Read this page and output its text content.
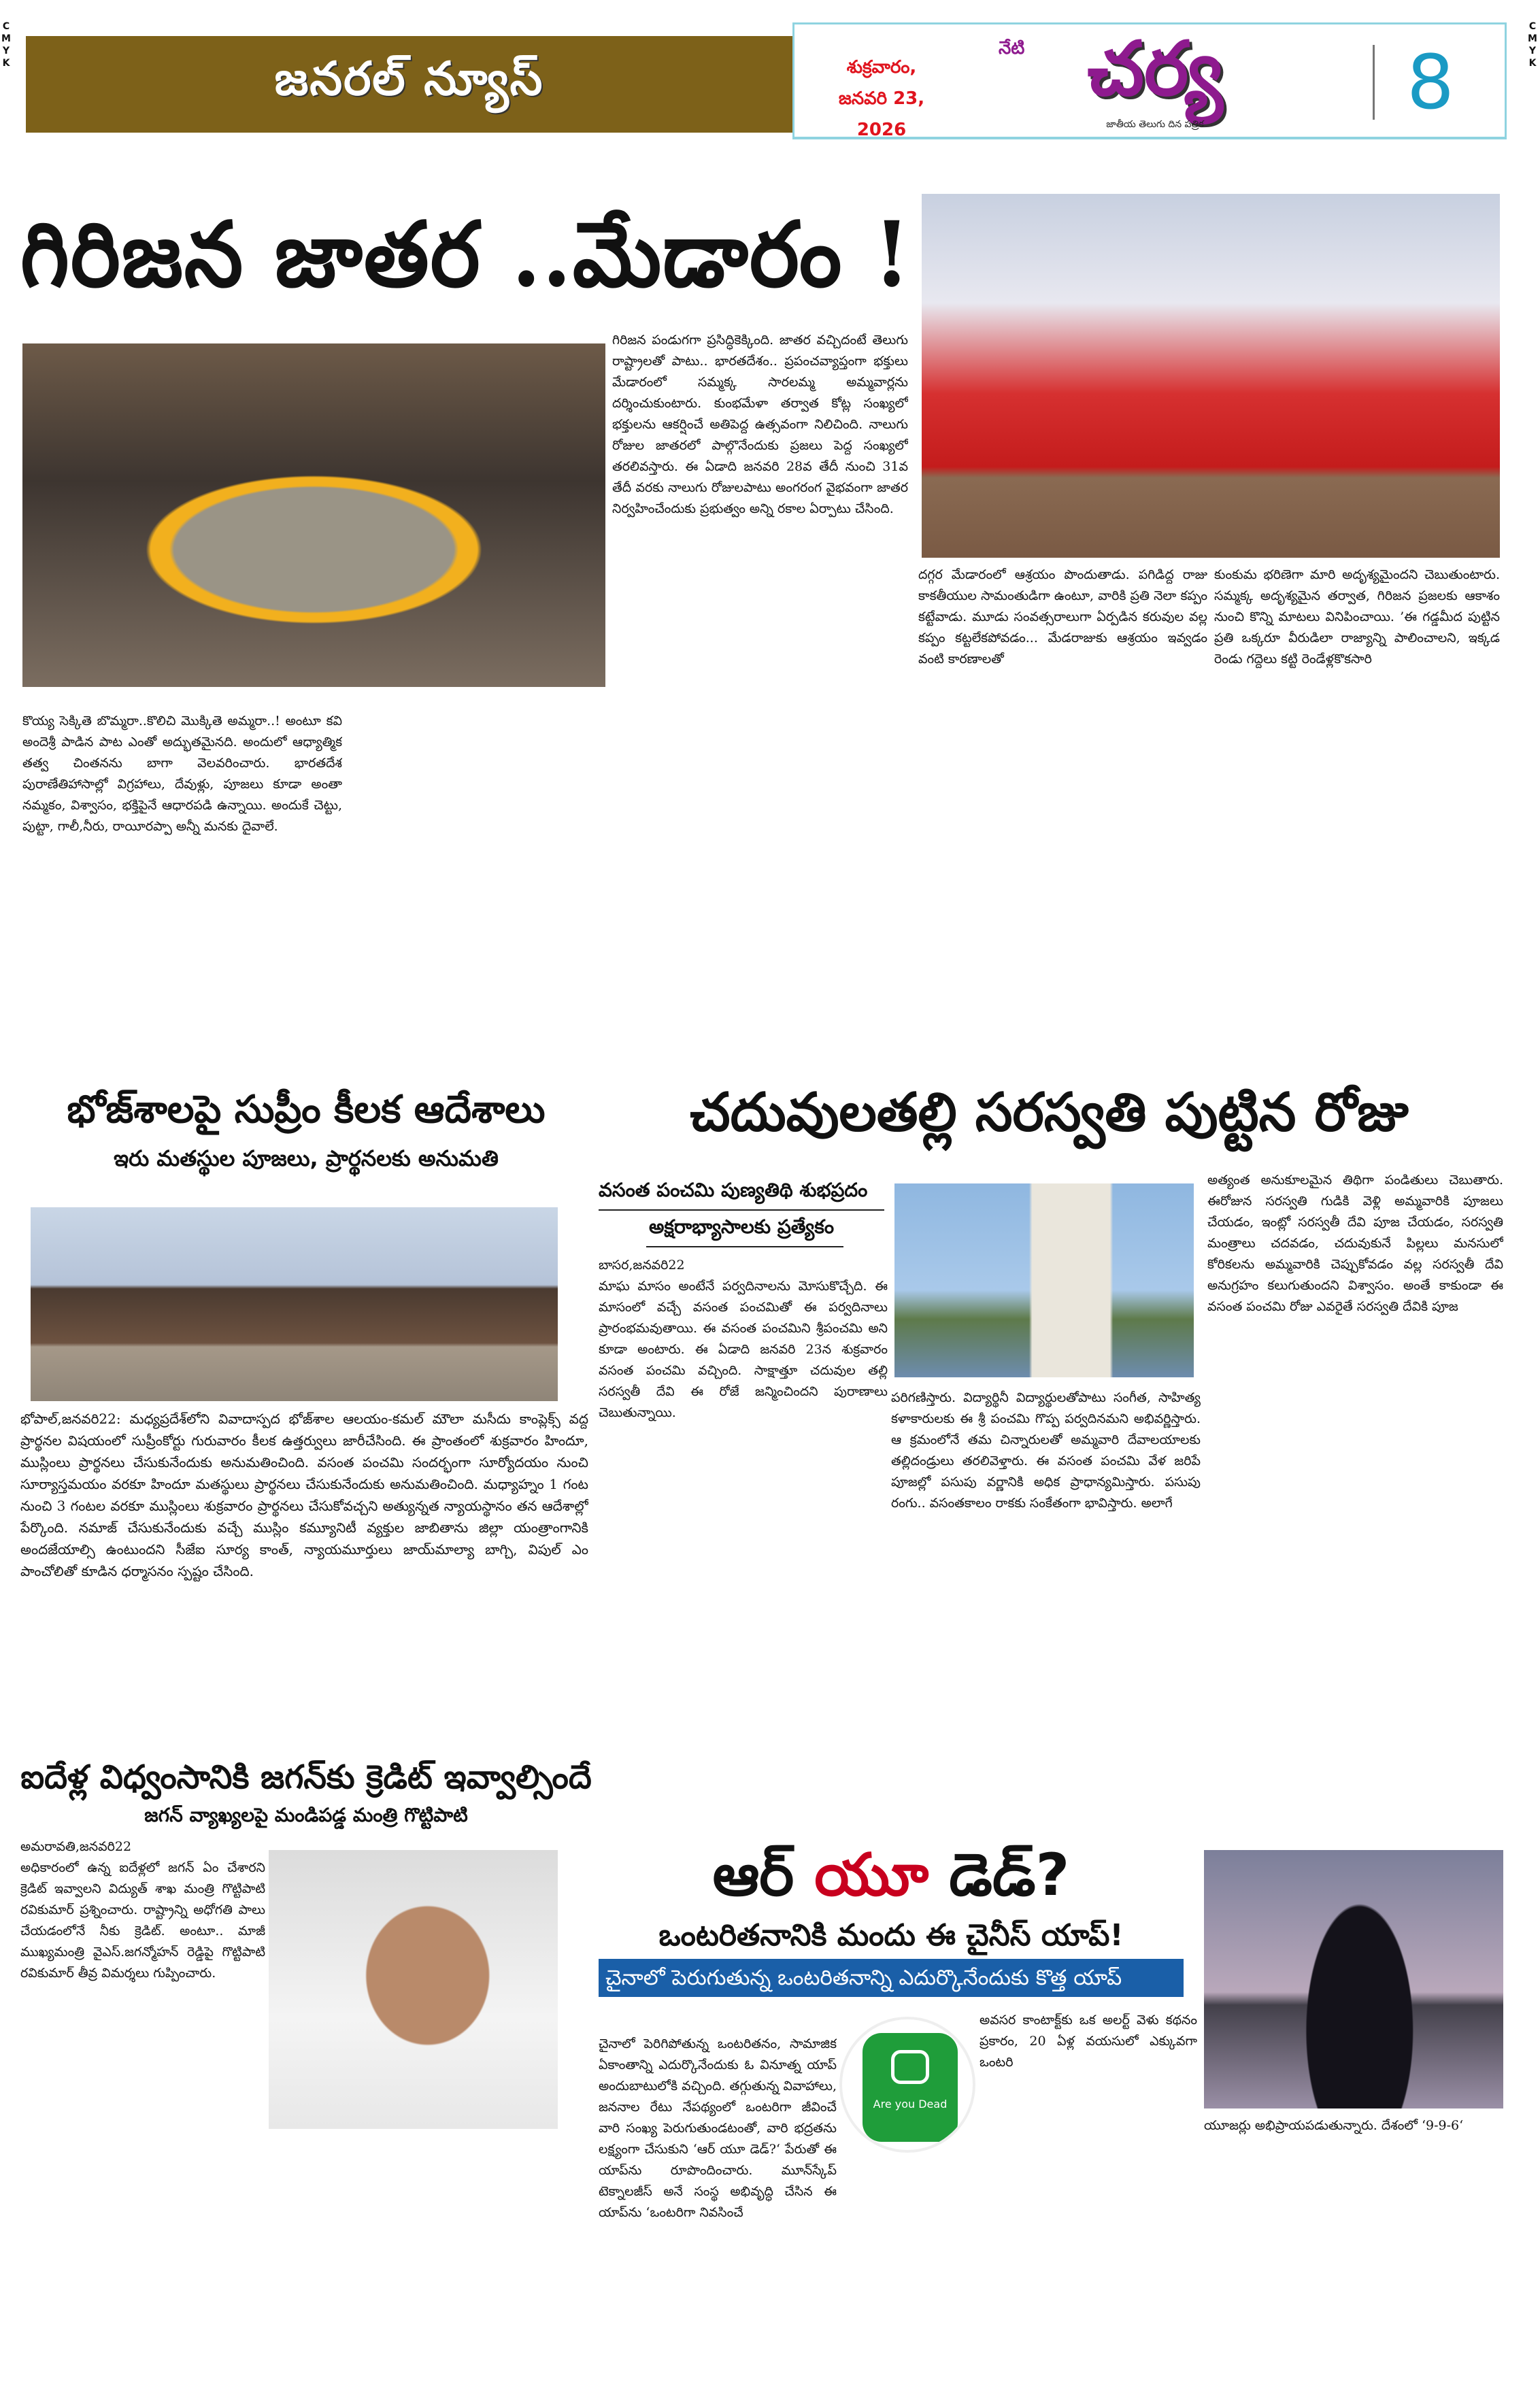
CMYK
CMYK
జనరల్ న్యూస్	శుక్రవారం,
జనవరి 23, 2026
నేటి చర్య
జాతీయ తెలుగు దిన పత్రిక	8
గిరిజన జాతర ..మేడారం !
కొయ్య సెక్కితె బొమ్మరా..కొలిచి మొక్కితె అమ్మరా..! అంటూ కవి అందెశ్రీ పాడిన పాట ఎంతో అద్భుతమైనది. అందులో ఆధ్యాత్మిక తత్వ చింతనను బాగా వెలవరించారు. భారతదేశ పురాణేతిహాసాల్లో విగ్రహాలు, దేవుళ్లు, పూజలు కూడా అంతా నమ్మకం, విశ్వాసం, భక్తిపైనే ఆధారపడి ఉన్నాయి. అందుకే చెట్టు, పుట్టా, గాలీ,నీరు, రాయీరప్పా అన్నీ మనకు దైవాలే.
గిరిజన పండుగగా ప్రసిద్ధికెక్కింది. జాతర వచ్చిదంటే తెలుగు రాష్ట్రాలతో పాటు.. భారతదేశం.. ప్రపంచవ్యాప్తంగా భక్తులు మేడారంలో సమ్మక్క సారలమ్మ అమ్మవార్లను దర్శించుకుంటారు. కుంభమేళా తర్వాత కోట్ల సంఖ్యలో భక్తులను ఆకర్షించే అతిపెద్ద ఉత్సవంగా నిలిచింది. నాలుగు రోజుల జాతరలో పాల్గొనేందుకు ప్రజలు పెద్ద సంఖ్యలో తరలివస్తారు. ఈ ఏడాది జనవరి 28వ తేదీ నుంచి 31వ తేదీ వరకు నాలుగు రోజులపాటు అంగరంగ వైభవంగా జాతర నిర్వహించేందుకు ప్రభుత్వం అన్ని రకాల ఏర్పాటు చేసింది.
దగ్గర మేడారంలో ఆశ్రయం పొందుతాడు. పగిడిద్ద రాజు కాకతీయుల సామంతుడిగా ఉంటూ, వారికి ప్రతి నెలా కప్పం కట్టేవాడు. మూడు సంవత్సరాలుగా ఏర్పడిన కరువుల వల్ల కప్పం కట్టలేకపోవడం... మేడరాజుకు ఆశ్రయం ఇవ్వడం వంటి కారణాలతో
కుంకుమ భరిణెగా మారి అదృశ్యమైందని చెబుతుంటారు. సమ్మక్క అదృశ్యమైన తర్వాత, గిరిజన ప్రజలకు ఆకాశం నుంచి కొన్ని మాటలు వినిపించాయి. ’ఈ గడ్డమీద పుట్టిన ప్రతి ఒక్కరూ వీరుడిలా రాజ్యాన్ని పాలించాలని, ఇక్కడ రెండు గద్దెలు కట్టి రెండేళ్లకొకసారి
భోజ్‌శాలపై సుప్రీం కీలక ఆదేశాలు
ఇరు మతస్థుల పూజలు, ప్రార్థనలకు అనుమతి
భోపాల్,జనవరి22: మధ్యప్రదేశ్‌లోని వివాదాస్పద భోజ్‌శాల ఆలయం-కమల్ మౌలా మసీదు కాంప్లెక్స్ వద్ద ప్రార్థనల విషయంలో సుప్రీంకోర్టు గురువారం కీలక ఉత్తర్వులు జారీచేసింది. ఈ ప్రాంతంలో శుక్రవారం హిందూ, ముస్లింలు ప్రార్థనలు చేసుకునేందుకు అనుమతించింది. వసంత పంచమి సందర్భంగా సూర్యోదయం నుంచి సూర్యాస్తమయం వరకూ హిందూ మతస్థులు ప్రార్థనలు చేసుకునేందుకు అనుమతించింది. మధ్యాహ్నం 1 గంట నుంచి 3 గంటల వరకూ ముస్లింలు శుక్రవారం ప్రార్థనలు చేసుకోవచ్చని అత్యున్నత న్యాయస్థానం తన ఆదేశాల్లో పేర్కొంది. నమాజ్ చేసుకునేందుకు వచ్చే ముస్లిం కమ్యూనిటీ వ్యక్తుల జాబితాను జిల్లా యంత్రాంగానికి అందజేయాల్సి ఉంటుందని సీజేఐ సూర్య కాంత్, న్యాయమూర్తులు జాయ్‌మాల్యా బాగ్చి, విపుల్ ఎం పాంచోలితో కూడిన ధర్మాసనం స్పష్టం చేసింది.
ఐదేళ్ల విధ్వంసానికి జగన్‌కు క్రెడిట్ ఇవ్వాల్సిందే
జగన్ వ్యాఖ్యలపై మండిపడ్డ మంత్రి గొట్టిపాటి
అమరావతి,జనవరి22
అధికారంలో ఉన్న ఐదేళ్లలో జగన్ ఏం చేశారని క్రెడిట్ ఇవ్వాలని విద్యుత్ శాఖ మంత్రి గొట్టిపాటి రవికుమార్ ప్రశ్నించారు. రాష్ట్రాన్ని అధోగతి పాలు చేయడంలోనే నీకు క్రెడిట్. అంటూ.. మాజీ ముఖ్యమంత్రి వైఎస్.జగన్మోహన్ రెడ్డిపై గొట్టిపాటి రవికుమార్ తీవ్ర విమర్శలు గుప్పించారు.
చదువులతల్లి సరస్వతి పుట్టిన రోజు
వసంత పంచమి పుణ్యతిథి శుభప్రదం
అక్షరాభ్యాసాలకు ప్రత్యేకం
బాసర,జనవరి22
మాఘ మాసం అంటేనే పర్వదినాలను మోసుకొచ్చేది. ఈ మాసంలో వచ్చే వసంత పంచమితో ఈ పర్వదినాలు ప్రారంభమవుతాయి. ఈ వసంత పంచమిని శ్రీపంచమి అని కూడా అంటారు. ఈ ఏడాది జనవరి 23న శుక్రవారం వసంత పంచమి వచ్చింది. సాక్షాత్తూ చదువుల తల్లి సరస్వతీ దేవి ఈ రోజే జన్మించిందని పురాణాలు చెబుతున్నాయి.
పరిగణిస్తారు. విద్యార్థినీ విద్యార్థులతోపాటు సంగీత, సాహిత్య కళాకారులకు ఈ శ్రీ పంచమి గొప్ప పర్వదినమని అభివర్ణిస్తారు. ఆ క్రమంలోనే తమ చిన్నారులతో అమ్మవారి దేవాలయాలకు తల్లిదండ్రులు తరలివెళ్తారు. ఈ వసంత పంచమి వేళ జరిపే పూజల్లో పసుపు వర్ణానికి అధిక ప్రాధాన్యమిస్తారు. పసుపు రంగు.. వసంతకాలం రాకకు సంకేతంగా భావిస్తారు. అలాగే
అత్యంత అనుకూలమైన తిథిగా పండితులు చెబుతారు. ఈరోజున సరస్వతి గుడికి వెళ్లి అమ్మవారికి పూజలు చేయడం, ఇంట్లో సరస్వతీ దేవి పూజ చేయడం, సరస్వతి మంత్రాలు చదవడం, చదువుకునే పిల్లలు మనసులో కోరికలను అమ్మవారికి చెప్పుకోవడం వల్ల సరస్వతీ దేవి అనుగ్రహం కలుగుతుందని విశ్వాసం. అంతే కాకుండా ఈ వసంత పంచమి రోజు ఎవరైతే సరస్వతి దేవికి పూజ
ఆర్ యూ డెడ్?
ఒంటరితనానికి మందు ఈ చైనీస్ యాప్!
చైనాలో పెరుగుతున్న ఒంటరితనాన్ని ఎదుర్కొనేందుకు కొత్త యాప్
చైనాలో పెరిగిపోతున్న ఒంటరితనం, సామాజిక ఏకాంతాన్ని ఎదుర్కొనేందుకు ఓ వినూత్న యాప్ అందుబాటులోకి వచ్చింది. తగ్గుతున్న వివాహాలు, జననాల రేటు నేపథ్యంలో ఒంటరిగా జీవించే వారి సంఖ్య పెరుగుతుండటంతో, వారి భద్రతను లక్ష్యంగా చేసుకుని ‘ఆర్ యూ డెడ్?‘ పేరుతో ఈ యాప్‌ను రూపొందించారు. మూన్‌స్కేప్ టెక్నాలజీస్ అనే సంస్థ అభివృద్ధి చేసిన ఈ యాప్‌ను ‘ఒంటరిగా నివసించే
Are you Dead
అవసర కాంటాక్ట్‌కు ఒక అలర్ట్ వెళు కథనం ప్రకారం, 20 ఏళ్ల వయసులో ఎక్కువగా ఒంటరి
యూజర్లు అభిప్రాయపడుతున్నారు. దేశంలో ‘9-9-6‘
